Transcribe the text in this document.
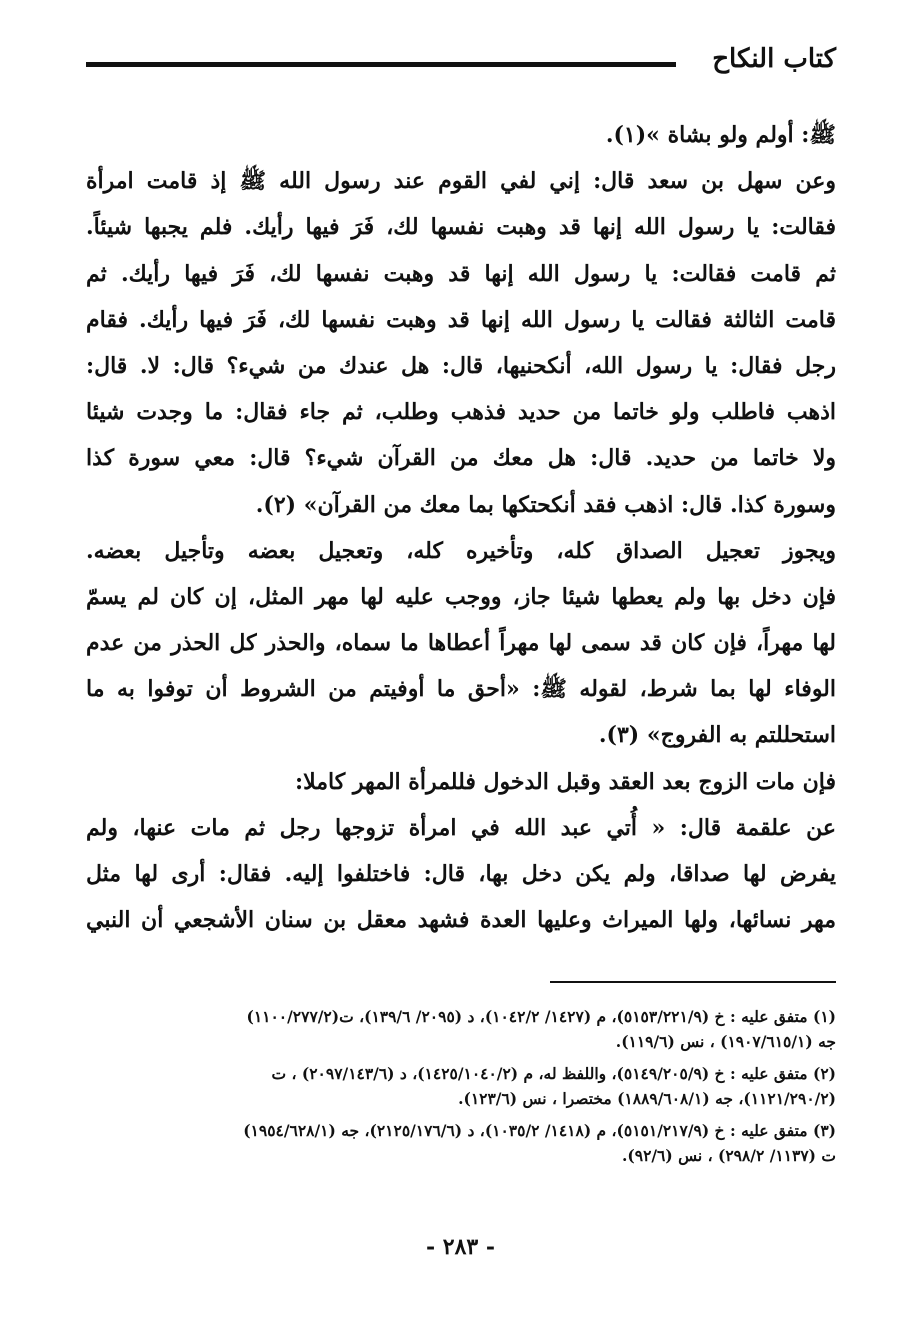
كتاب النكاح
ﷺ: أولم ولو بشاة »(١).
وعن سهل بن سعد قال: إني لفي القوم عند رسول الله ﷺ إذ قامت امرأة
فقالت: يا رسول الله إنها قد وهبت نفسها لك، فَرَ فيها رأيك. فلم يجبها شيئاً.
ثم قامت فقالت: يا رسول الله إنها قد وهبت نفسها لك، فَرَ فيها رأيك. ثم
قامت الثالثة فقالت يا رسول الله إنها قد وهبت نفسها لك، فَرَ فيها رأيك. فقام
رجل فقال: يا رسول الله، أنكحنيها، قال: هل عندك من شيء؟ قال: لا. قال:
اذهب فاطلب ولو خاتما من حديد فذهب وطلب، ثم جاء فقال: ما وجدت شيئا
ولا خاتما من حديد. قال: هل معك من القرآن شيء؟ قال: معي سورة كذا
وسورة كذا. قال: اذهب فقد أنكحتكها بما معك من القرآن» (٢).
ويجوز تعجيل الصداق كله، وتأخيره كله، وتعجيل بعضه وتأجيل بعضه.
فإن دخل بها ولم يعطها شيئا جاز، ووجب عليه لها مهر المثل، إن كان لم يسمّ
لها مهراً، فإن كان قد سمى لها مهراً أعطاها ما سماه، والحذر كل الحذر من عدم
الوفاء لها بما شرط، لقوله ﷺ: «أحق ما أوفيتم من الشروط أن توفوا به ما
استحللتم به الفروج» (٣).
فإن مات الزوج بعد العقد وقبل الدخول فللمرأة المهر كاملا:
عن علقمة قال: « أُتي عبد الله في امرأة تزوجها رجل ثم مات عنها، ولم
يفرض لها صداقا، ولم يكن دخل بها، قال: فاختلفوا إليه. فقال: أرى لها مثل
مهر نسائها، ولها الميراث وعليها العدة فشهد معقل بن سنان الأشجعي أن النبي
(١) متفق عليه : خ (٥١٥٣/٢٢١/٩)، م (١٤٢٧/ ١٠٤٢/٢)، د (٢٠٩٥/ ١٣٩/٦)، ت(١١٠٠/٢٧٧/٢)
جه (١٩٠٧/٦١٥/١) ، نس (١١٩/٦).
(٢) متفق عليه : خ (٥١٤٩/٢٠٥/٩)، واللفظ له، م (١٤٢٥/١٠٤٠/٢)، د (٢٠٩٧/١٤٣/٦) ، ت
(١١٢١/٢٩٠/٢)، جه (١٨٨٩/٦٠٨/١) مختصرا ، نس (١٢٣/٦).
(٣) متفق عليه : خ (٥١٥١/٢١٧/٩)، م (١٤١٨/ ١٠٣٥/٢)، د (٢١٢٥/١٧٦/٦)، جه (١٩٥٤/٦٢٨/١)
ت (١١٣٧/ ٢٩٨/٢) ، نس (٩٢/٦).
- ٢٨٣ -
